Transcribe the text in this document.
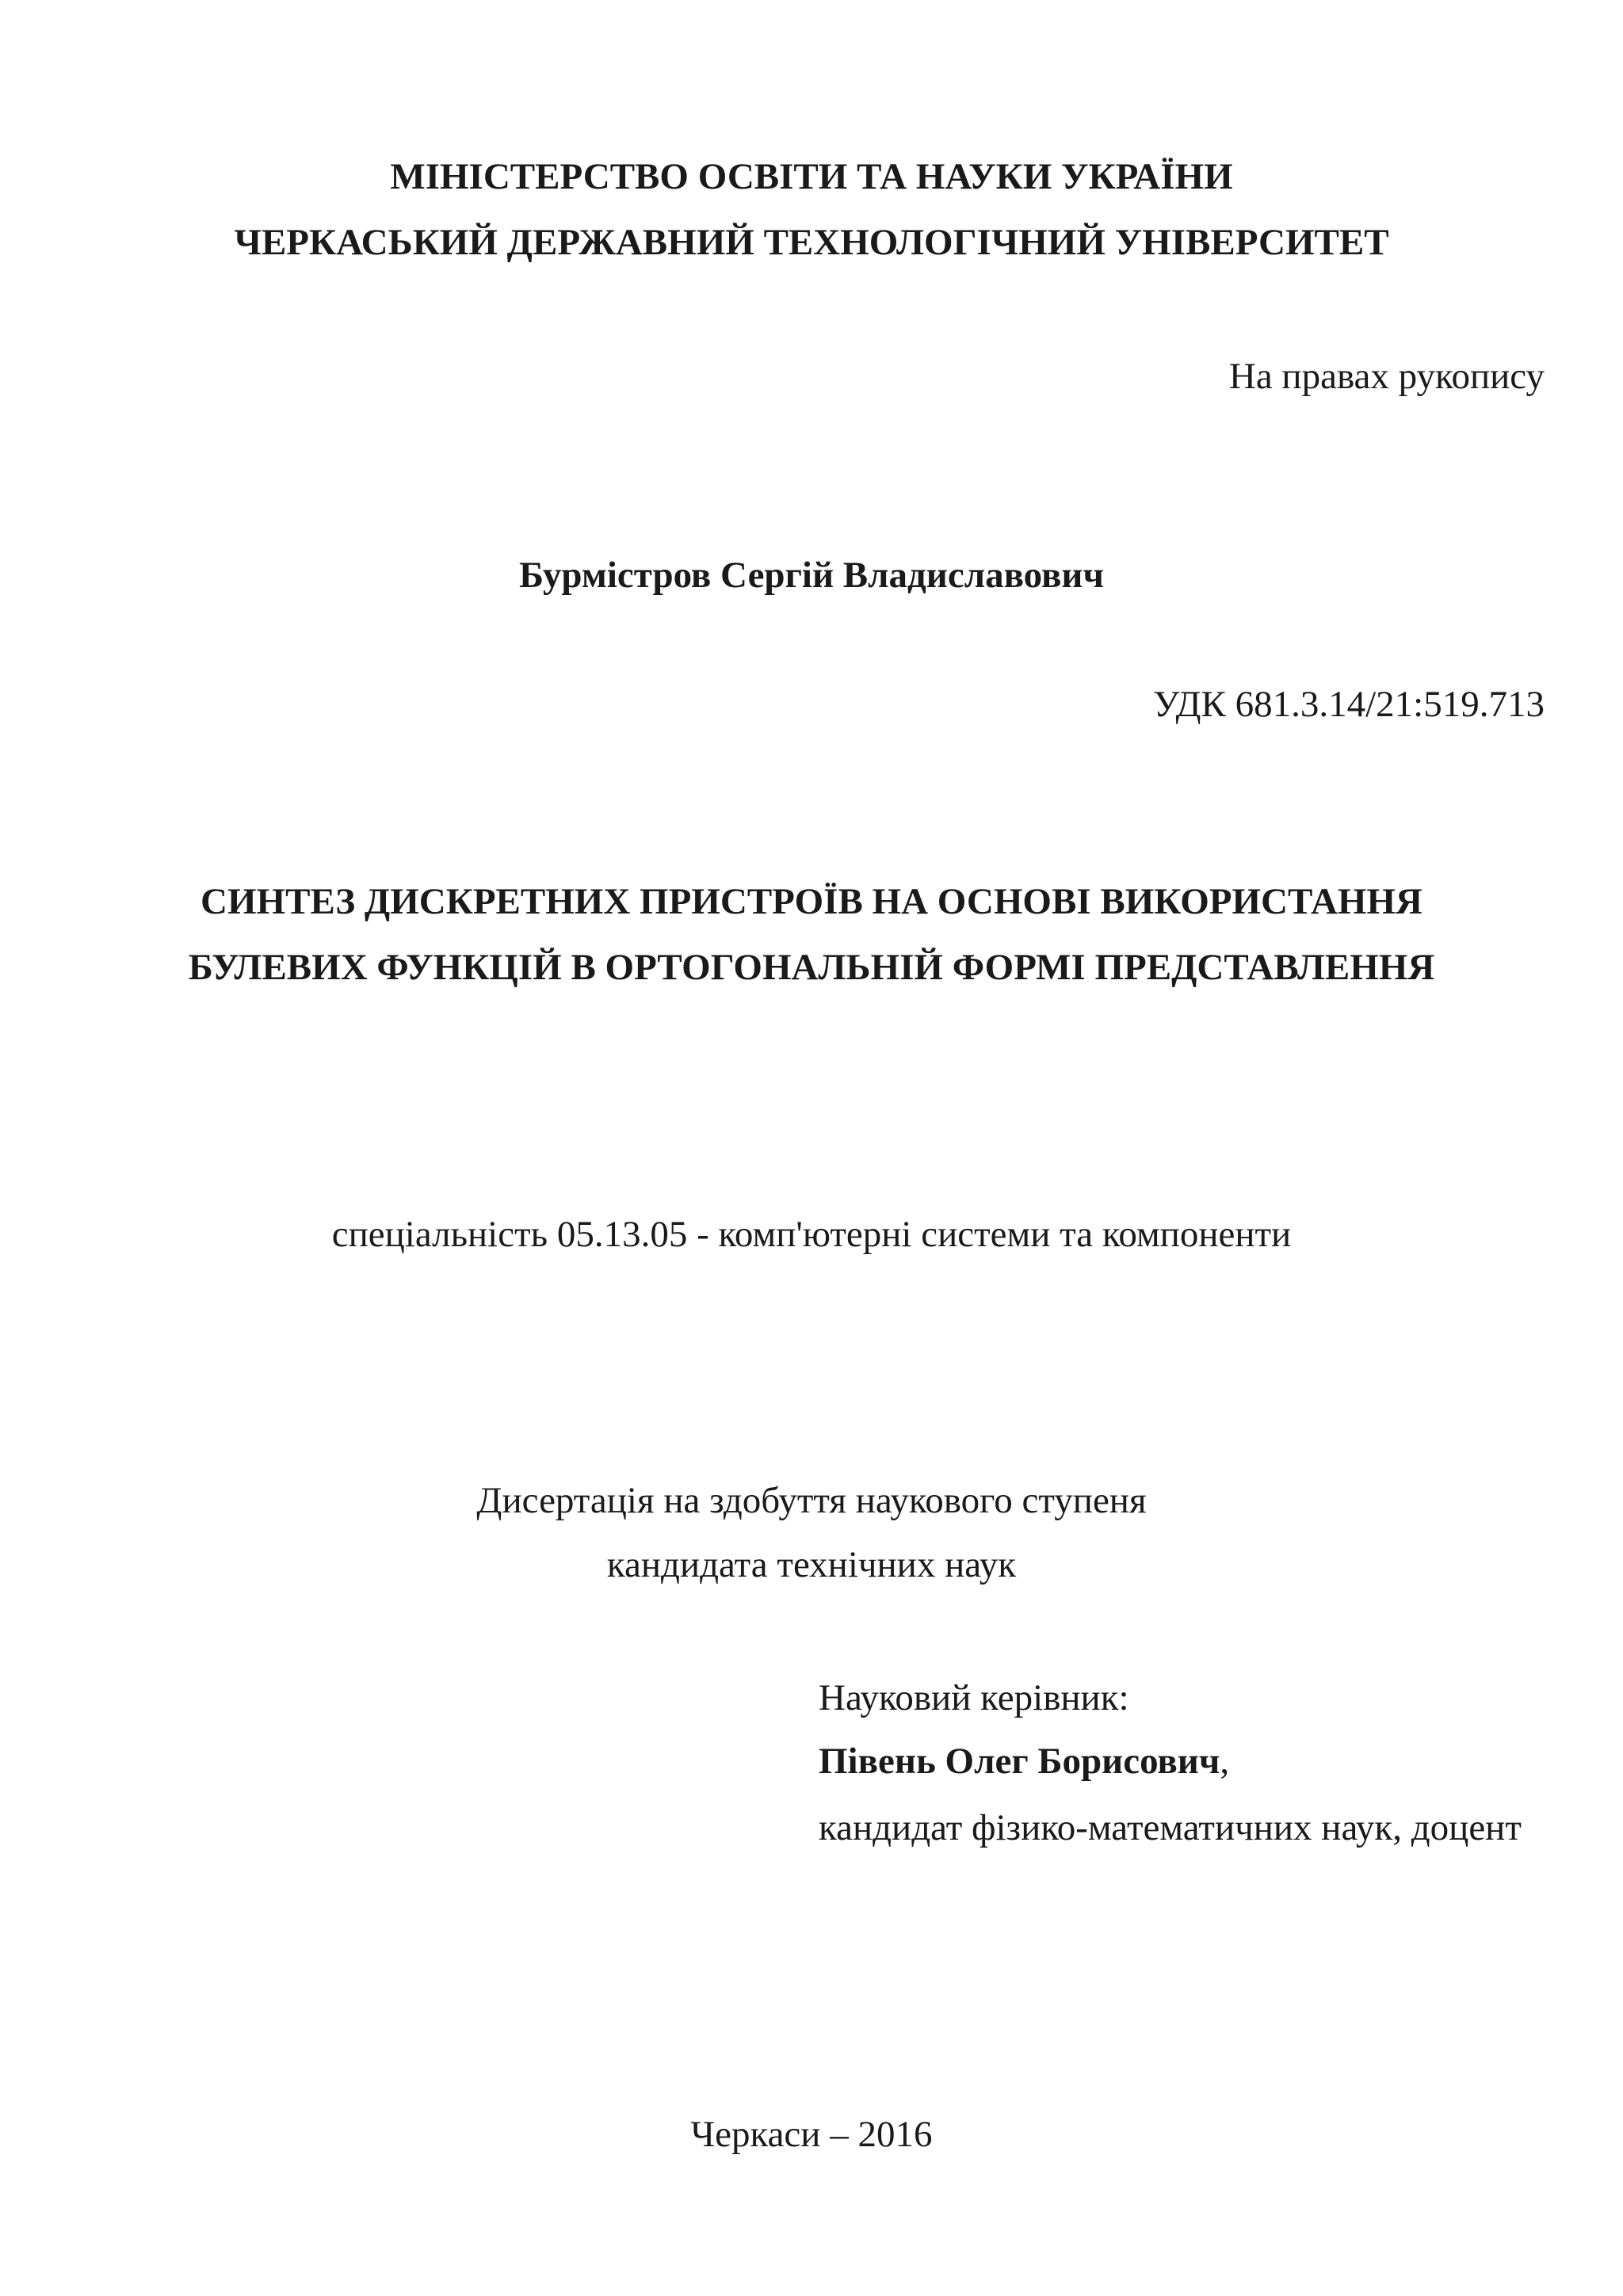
МІНІСТЕРСТВО ОСВІТИ ТА НАУКИ УКРАЇНИ
ЧЕРКАСЬКИЙ ДЕРЖАВНИЙ ТЕХНОЛОГІЧНИЙ УНІВЕРСИТЕТ
На правах рукопису
Бурмістров Сергій Владиславович
УДК 681.3.14/21:519.713
СИНТЕЗ ДИСКРЕТНИХ ПРИСТРОЇВ НА ОСНОВІ ВИКОРИСТАННЯ
БУЛЕВИХ ФУНКЦІЙ В ОРТОГОНАЛЬНІЙ ФОРМІ ПРЕДСТАВЛЕННЯ
спеціальність 05.13.05 - комп'ютерні системи та компоненти
Дисертація на здобуття наукового ступеня
кандидата технічних наук
Науковий керівник:
Півень Олег Борисович,
кандидат фізико-математичних наук, доцент
Черкаси – 2016
